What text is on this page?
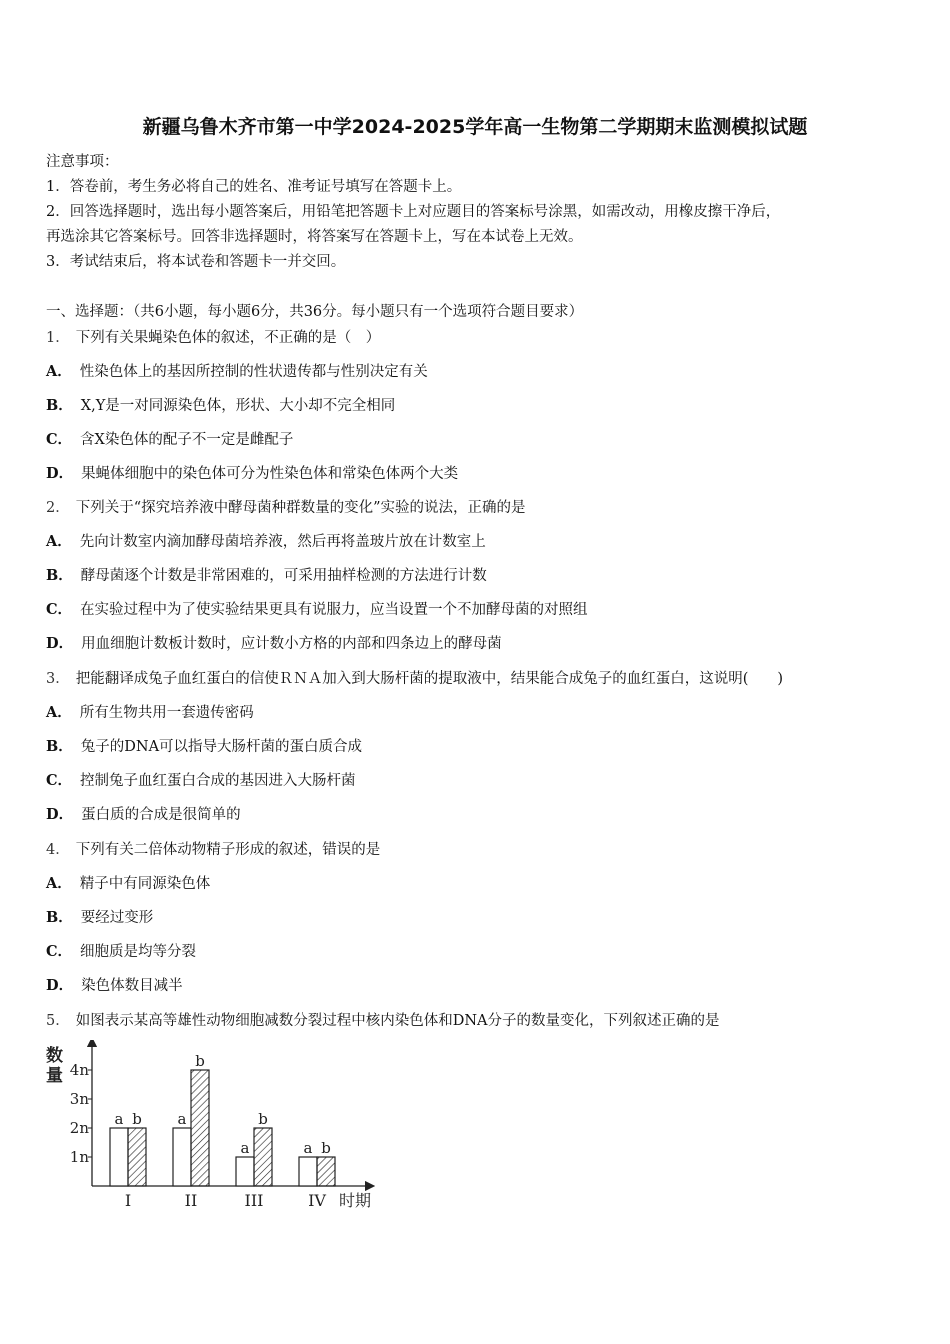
新疆乌鲁木齐市第一中学2024-2025学年高一生物第二学期期末监测模拟试题

注意事项：

1．答卷前，考生务必将自己的姓名、准考证号填写在答题卡上。

2．回答选择题时，选出每小题答案后，用铅笔把答题卡上对应题目的答案标号涂黑，如需改动，用橡皮擦干净后，

再选涂其它答案标号。回答非选择题时，将答案写在答题卡上，写在本试卷上无效。

3．考试结束后，将本试卷和答题卡一并交回。

一、选择题：（共6小题，每小题6分，共36分。每小题只有一个选项符合题目要求）
1． 下列有关果蝇染色体的叙述，不正确的是（　）
A． 性染色体上的基因所控制的性状遗传都与性别决定有关
B． X,Y是一对同源染色体，形状、大小却不完全相同
C． 含X染色体的配子不一定是雌配子
D． 果蝇体细胞中的染色体可分为性染色体和常染色体两个大类
2． 下列关于“探究培养液中酵母菌种群数量的变化”实验的说法，正确的是
A． 先向计数室内滴加酵母菌培养液，然后再将盖玻片放在计数室上
B． 酵母菌逐个计数是非常困难的，可采用抽样检测的方法进行计数
C． 在实验过程中为了使实验结果更具有说服力，应当设置一个不加酵母菌的对照组
D． 用血细胞计数板计数时，应计数小方格的内部和四条边上的酵母菌
3． 把能翻译成兔子血红蛋白的信使ＲＮＡ加入到大肠杆菌的提取液中，结果能合成兔子的血红蛋白，这说明(　　)
A． 所有生物共用一套遗传密码
B． 兔子的DNA可以指导大肠杆菌的蛋白质合成
C． 控制兔子血红蛋白合成的基因进入大肠杆菌
D． 蛋白质的合成是很简单的
4． 下列有关二倍体动物精子形成的叙述，错误的是
A． 精子中有同源染色体
B． 要经过变形
C． 细胞质是均等分裂
D． 染色体数目减半
5． 如图表示某高等雄性动物细胞减数分裂过程中核内染色体和DNA分子的数量变化，下列叙述正确的是
1n
2n
3n
4n
数
量
a b
I
a
b
II
a
b
III
a b
IV 时期
